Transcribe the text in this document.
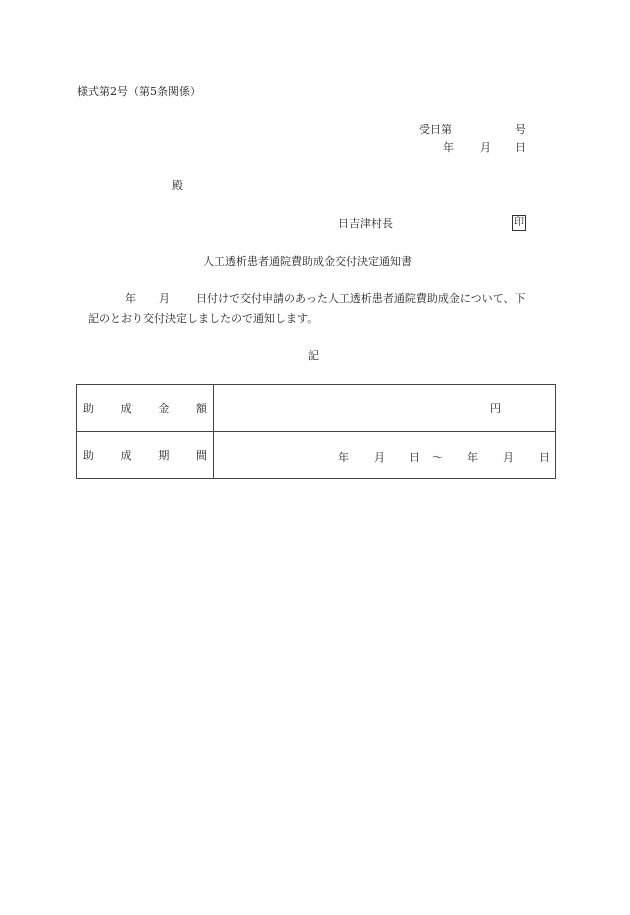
様式第2号（第5条関係）
受日第	号
年 月 日
殿
日吉津村長	印
人工透析患者通院費助成金交付決定通知書
年 月 日付けで交付申請のあった人工透析患者通院費助成金について、下
記のとおり交付決定しましたので通知します。
記
助 成 金 額	円

助 成 期 間	年 月 日 〜 年 月 日
